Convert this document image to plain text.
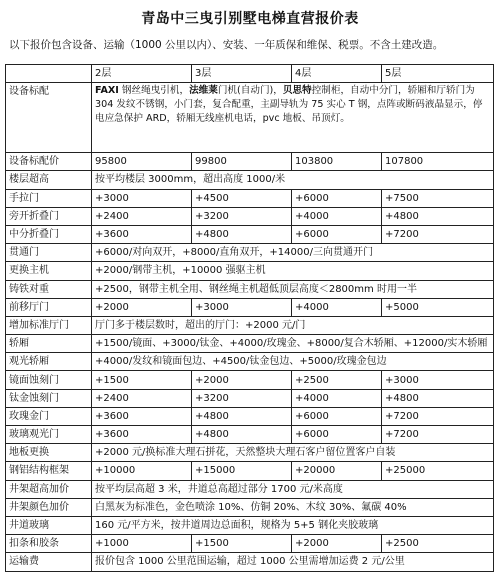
青岛中三曳引别墅电梯直营报价表
以下报价包含设备、运输（1000 公里以内）、安装、一年质保和维保、税票。不含土建改造。
	2层	3层	4层	5层
设备标配	FAXI 钢丝绳曳引机，法维莱门机(自动门)，贝思特控制柜，自动中分门，轿厢和厅轿门为 304 发纹不锈钢，小门套，复合配重，主副导轨为 75 实心 T 钢，点阵或断码液晶显示，停电应急保护 ARD，轿厢无线座机电话，pvc 地板、吊顶灯。			
设备标配价	95800	99800	103800	107800
楼层超高	按平均楼层 3000mm，超出高度 1000/米			
手拉门	+3000	+4500	+6000	+7500
旁开折叠门	+2400	+3200	+4000	+4800
中分折叠门	+3600	+4800	+6000	+7200
贯通门	+6000/对向双开，+8000/直角双开，+14000/三向贯通开门			
更换主机	+2000/钢带主机，+10000 强驱主机			
铸铁对重	+2500，钢带主机全用、钢丝绳主机超低顶层高度＜2800mm 时用一半			
前移厅门	+2000	+3000	+4000	+5000
增加标准厅门	厅门多于楼层数时，超出的厅门：+2000 元/门			
轿厢	+1500/镜面、+3000/钛金、+4000/玫瑰金、+8000/复合木轿厢、+12000/实木轿厢			
观光轿厢	+4000/发纹和镜面包边、+4500/钛金包边、+5000/玫瑰金包边			
镜面蚀刻门	+1500	+2000	+2500	+3000
钛金蚀刻门	+2400	+3200	+4000	+4800
玫瑰金门	+3600	+4800	+6000	+7200
玻璃观光门	+3600	+4800	+6000	+7200
地板更换	+2000 元/换标准大理石拼花，天然整块大理石客户留位置客户自装			
钢铝结构框架	+10000	+15000	+20000	+25000
井架超高加价	按平均层高超 3 米，井道总高超过部分 1700 元/米高度			
井架颜色加价	白黑灰为标准色，金色喷涂 10%、仿铜 20%、木纹 30%、氟碳 40%			
井道玻璃	160 元/平方米，按井道周边总面积，规格为 5+5 钢化夹胶玻璃			
扣条和胶条	+1000	+1500	+2000	+2500
运输费	报价包含 1000 公里范围运输，超过 1000 公里需增加运费 2 元/公里			
